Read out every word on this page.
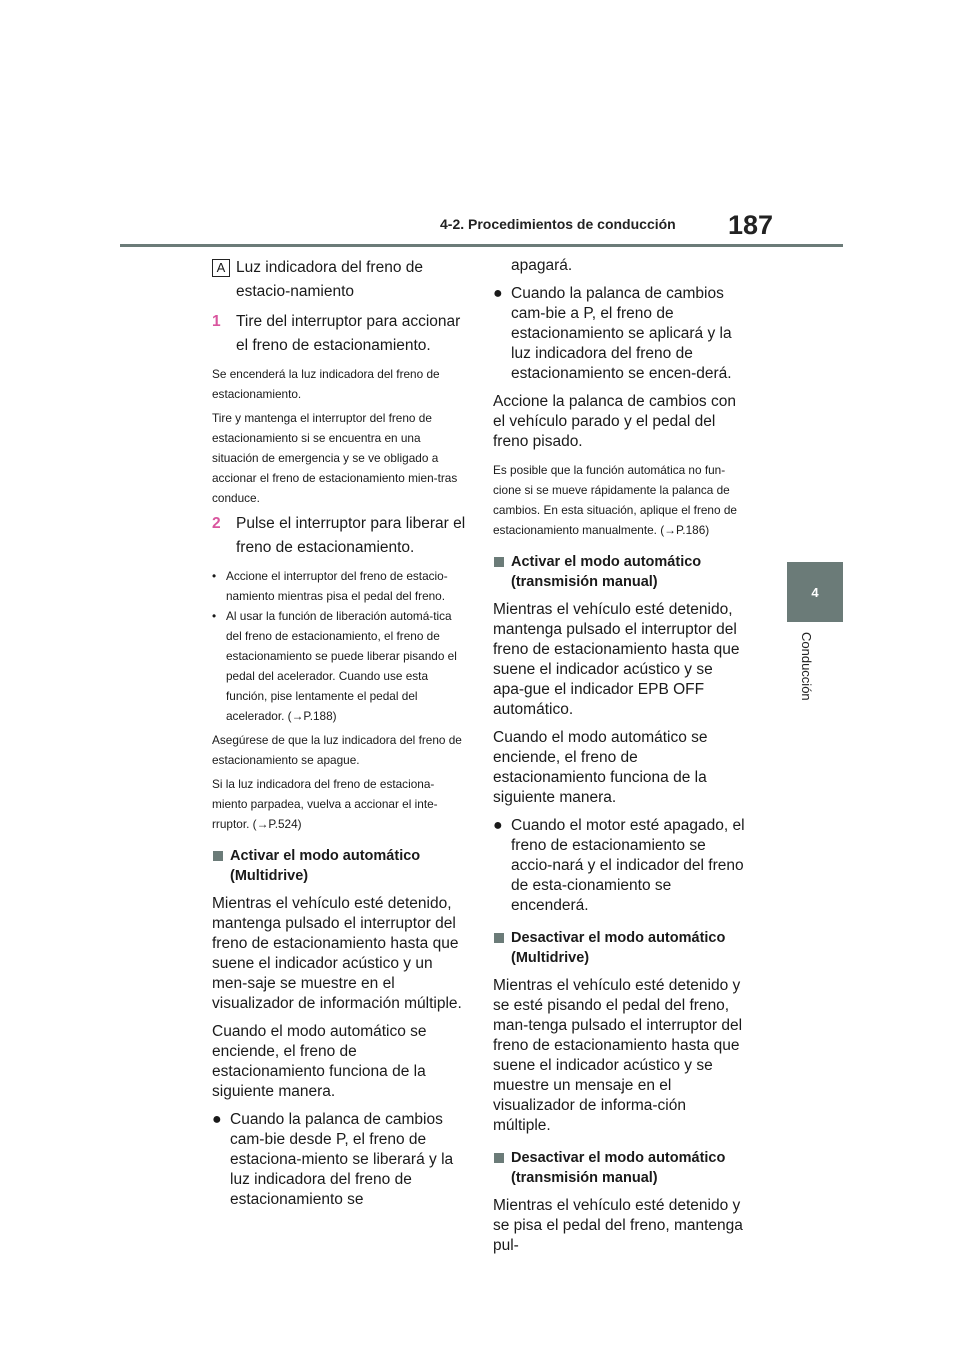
4-2. Procedimientos de conducción	187
4
Conducción
A Luz indicadora del freno de estacio-namiento
1 Tire del interruptor para accionar el freno de estacionamiento.

Se encenderá la luz indicadora del freno de estacionamiento.

Tire y mantenga el interruptor del freno de estacionamiento si se encuentra en una situación de emergencia y se ve obligado a accionar el freno de estacionamiento mien-tras conduce.

2 Pulse el interruptor para liberar el freno de estacionamiento.
• Accione el interruptor del freno de estacio-namiento mientras pisa el pedal del freno.
• Al usar la función de liberación automá-tica del freno de estacionamiento, el freno de estacionamiento se puede liberar pisando el pedal del acelerador. Cuando use esta función, pise lentamente el pedal del acelerador. (→P.188)

Asegúrese de que la luz indicadora del freno de estacionamiento se apague.

Si la luz indicadora del freno de estaciona-miento parpadea, vuelva a accionar el inte-rruptor. (→P.524)

Activar el modo automático (Multidrive)

Mientras el vehículo esté detenido, mantenga pulsado el interruptor del freno de estacionamiento hasta que suene el indicador acústico y un men-saje se muestre en el visualizador de información múltiple.

Cuando el modo automático se enciende, el freno de estacionamiento funciona de la siguiente manera.

● Cuando la palanca de cambios cam-bie desde P, el freno de estaciona-miento se liberará y la luz indicadora del freno de estacionamiento se

apagará.

● Cuando la palanca de cambios cam-bie a P, el freno de estacionamiento se aplicará y la luz indicadora del freno de estacionamiento se encen-derá.

Accione la palanca de cambios con el vehículo parado y el pedal del freno pisado.

Es posible que la función automática no fun-cione si se mueve rápidamente la palanca de cambios. En esta situación, aplique el freno de estacionamiento manualmente. (→P.186)

Activar el modo automático (transmisión manual)

Mientras el vehículo esté detenido, mantenga pulsado el interruptor del freno de estacionamiento hasta que suene el indicador acústico y se apa-gue el indicador EPB OFF automático.

Cuando el modo automático se enciende, el freno de estacionamiento funciona de la siguiente manera.

● Cuando el motor esté apagado, el freno de estacionamiento se accio-nará y el indicador del freno de esta-cionamiento se encenderá.
Desactivar el modo automático (Multidrive)

Mientras el vehículo esté detenido y se esté pisando el pedal del freno, man-tenga pulsado el interruptor del freno de estacionamiento hasta que suene el indicador acústico y se muestre un mensaje en el visualizador de informa-ción múltiple.

Desactivar el modo automático (transmisión manual)

Mientras el vehículo esté detenido y se pisa el pedal del freno, mantenga pul-
